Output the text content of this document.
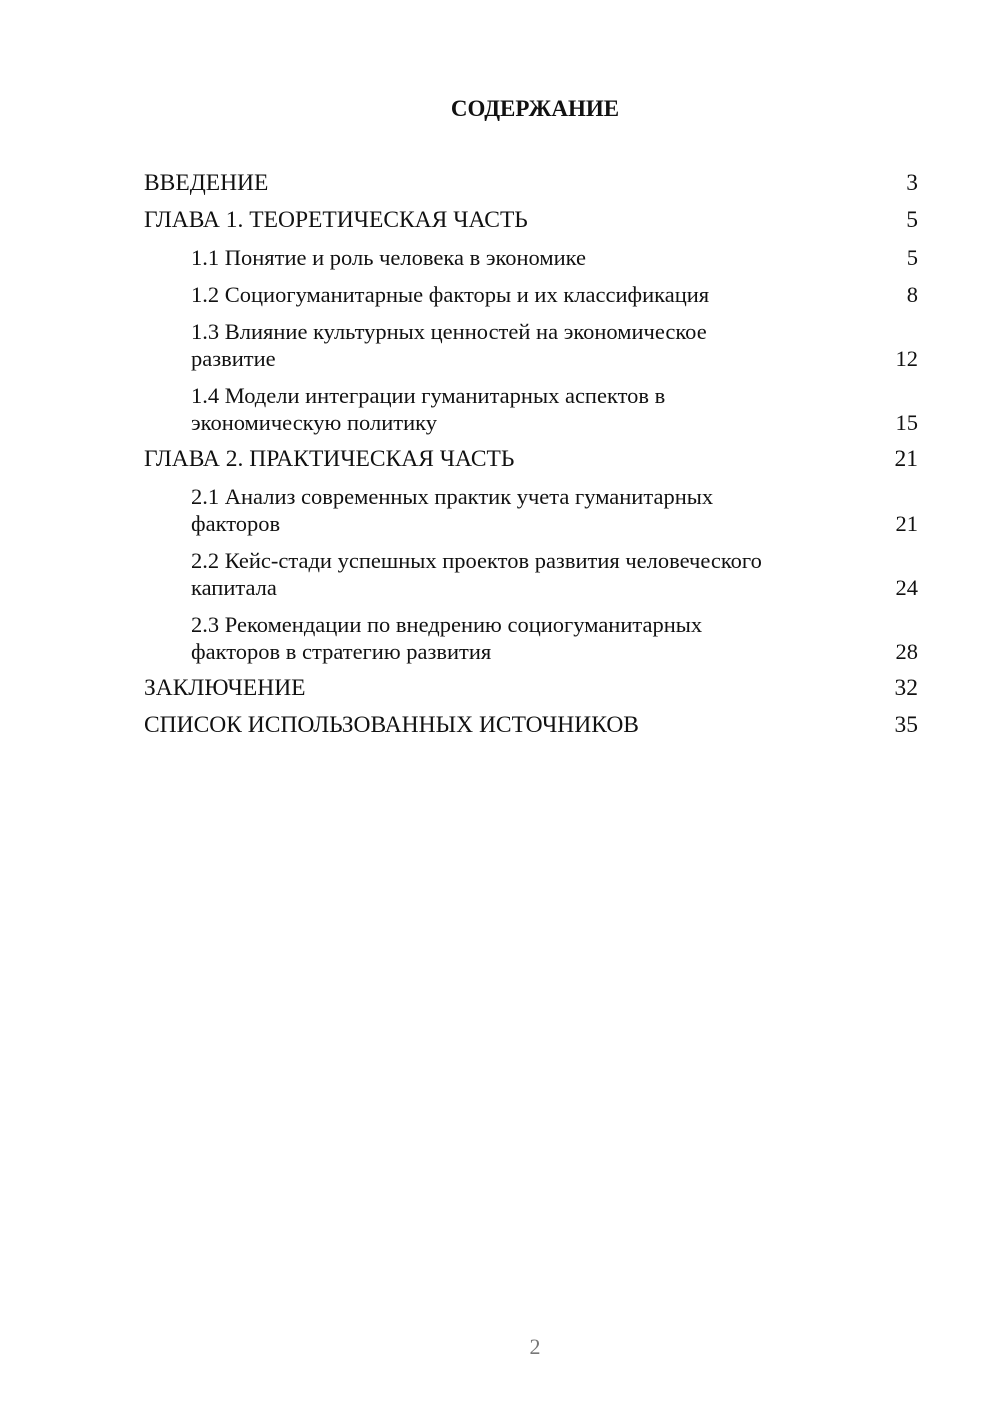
СОДЕРЖАНИЕ
ВВЕДЕНИЕ	3
ГЛАВА 1. ТЕОРЕТИЧЕСКАЯ ЧАСТЬ	5
1.1 Понятие и роль человека в экономике	5
1.2 Социогуманитарные факторы и их классификация	8
1.3 Влияние культурных ценностей на экономическое развитие	12
1.4 Модели интеграции гуманитарных аспектов в экономическую политику	15
ГЛАВА 2. ПРАКТИЧЕСКАЯ ЧАСТЬ	21
2.1 Анализ современных практик учета гуманитарных факторов	21
2.2 Кейс-стади успешных проектов развития человеческого капитала	24
2.3 Рекомендации по внедрению социогуманитарных факторов в стратегию развития	28
ЗАКЛЮЧЕНИЕ	32
СПИСОК ИСПОЛЬЗОВАННЫХ ИСТОЧНИКОВ	35
2
